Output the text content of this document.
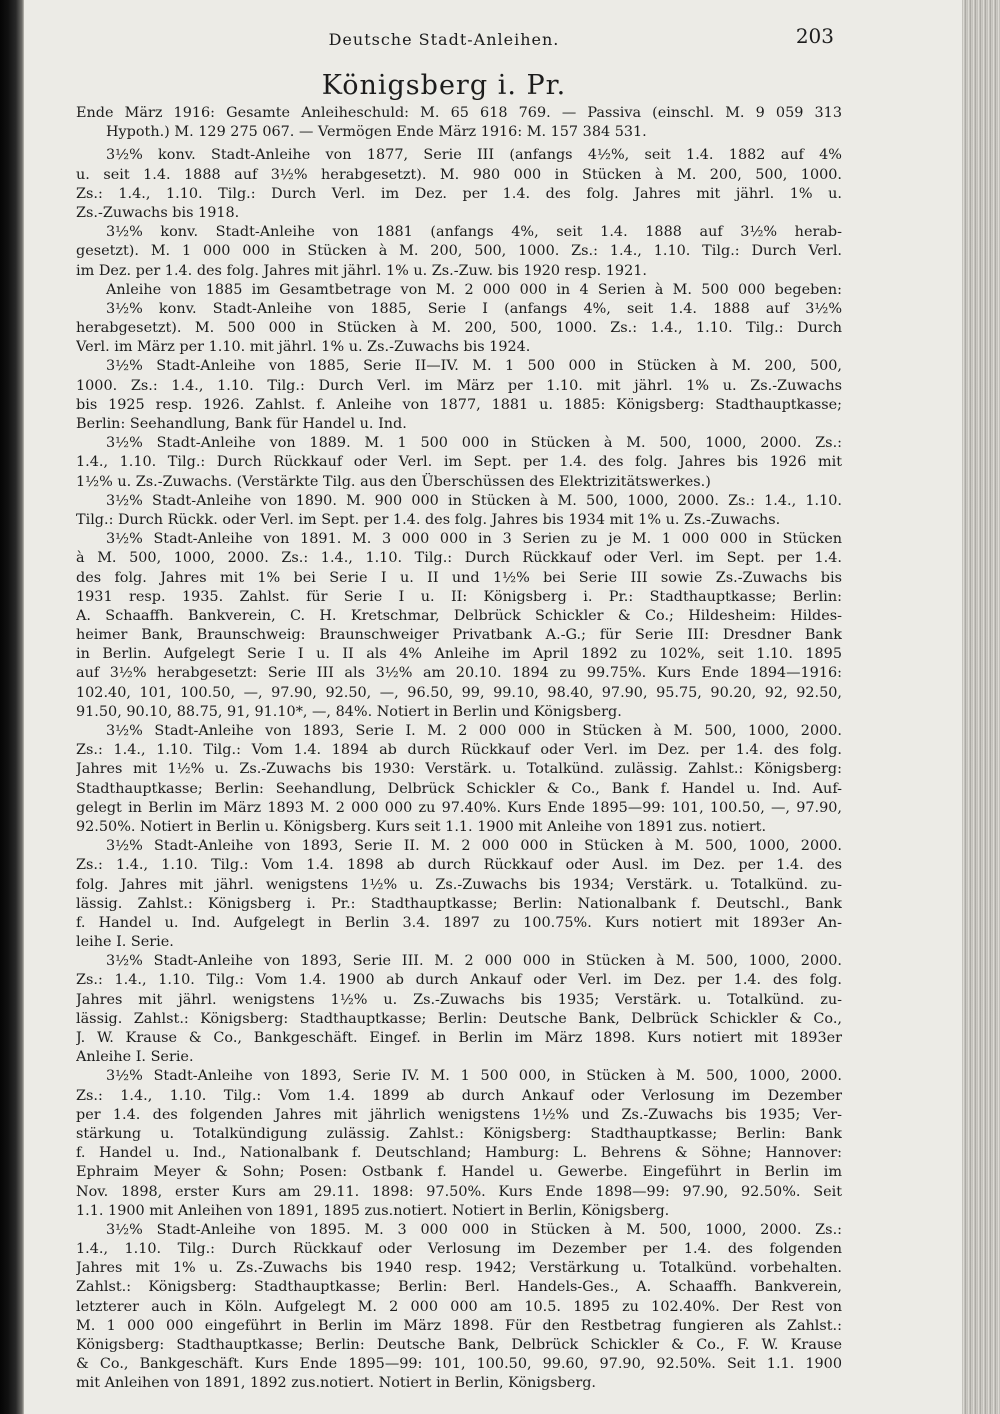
Deutsche Stadt-Anleihen.	203
Königsberg i. Pr.
Ende März 1916: Gesamte Anleiheschuld: M. 65 618 769. — Passiva (einschl. M. 9 059 313
Hypoth.) M. 129 275 067. — Vermögen Ende März 1916: M. 157 384 531.
3½% konv. Stadt-Anleihe von 1877, Serie III (anfangs 4½%, seit 1.4. 1882 auf 4%
u. seit 1.4. 1888 auf 3½% herabgesetzt). M. 980 000 in Stücken à M. 200, 500, 1000.
Zs.: 1.4., 1.10. Tilg.: Durch Verl. im Dez. per 1.4. des folg. Jahres mit jährl. 1% u.
Zs.-Zuwachs bis 1918.
3½% konv. Stadt-Anleihe von 1881 (anfangs 4%, seit 1.4. 1888 auf 3½% herab-
gesetzt). M. 1 000 000 in Stücken à M. 200, 500, 1000. Zs.: 1.4., 1.10. Tilg.: Durch Verl.
im Dez. per 1.4. des folg. Jahres mit jährl. 1% u. Zs.-Zuw. bis 1920 resp. 1921.
Anleihe von 1885 im Gesamtbetrage von M. 2 000 000 in 4 Serien à M. 500 000 begeben:
3½% konv. Stadt-Anleihe von 1885, Serie I (anfangs 4%, seit 1.4. 1888 auf 3½%
herabgesetzt). M. 500 000 in Stücken à M. 200, 500, 1000. Zs.: 1.4., 1.10. Tilg.: Durch
Verl. im März per 1.10. mit jährl. 1% u. Zs.-Zuwachs bis 1924.
3½% Stadt-Anleihe von 1885, Serie II—IV. M. 1 500 000 in Stücken à M. 200, 500,
1000. Zs.: 1.4., 1.10. Tilg.: Durch Verl. im März per 1.10. mit jährl. 1% u. Zs.-Zuwachs
bis 1925 resp. 1926. Zahlst. f. Anleihe von 1877, 1881 u. 1885: Königsberg: Stadthauptkasse;
Berlin: Seehandlung, Bank für Handel u. Ind.
3½% Stadt-Anleihe von 1889. M. 1 500 000 in Stücken à M. 500, 1000, 2000. Zs.:
1.4., 1.10. Tilg.: Durch Rückkauf oder Verl. im Sept. per 1.4. des folg. Jahres bis 1926 mit
1½% u. Zs.-Zuwachs. (Verstärkte Tilg. aus den Überschüssen des Elektrizitätswerkes.)
3½% Stadt-Anleihe von 1890. M. 900 000 in Stücken à M. 500, 1000, 2000. Zs.: 1.4., 1.10.
Tilg.: Durch Rückk. oder Verl. im Sept. per 1.4. des folg. Jahres bis 1934 mit 1% u. Zs.-Zuwachs.
3½% Stadt-Anleihe von 1891. M. 3 000 000 in 3 Serien zu je M. 1 000 000 in Stücken
à M. 500, 1000, 2000. Zs.: 1.4., 1.10. Tilg.: Durch Rückkauf oder Verl. im Sept. per 1.4.
des folg. Jahres mit 1% bei Serie I u. II und 1½% bei Serie III sowie Zs.-Zuwachs bis
1931 resp. 1935. Zahlst. für Serie I u. II: Königsberg i. Pr.: Stadthauptkasse; Berlin:
A. Schaaffh. Bankverein, C. H. Kretschmar, Delbrück Schickler & Co.; Hildesheim: Hildes-
heimer Bank, Braunschweig: Braunschweiger Privatbank A.-G.; für Serie III: Dresdner Bank
in Berlin. Aufgelegt Serie I u. II als 4% Anleihe im April 1892 zu 102%, seit 1.10. 1895
auf 3½% herabgesetzt: Serie III als 3½% am 20.10. 1894 zu 99.75%. Kurs Ende 1894—1916:
102.40, 101, 100.50, —, 97.90, 92.50, —, 96.50, 99, 99.10, 98.40, 97.90, 95.75, 90.20, 92, 92.50,
91.50, 90.10, 88.75, 91, 91.10*, —, 84%. Notiert in Berlin und Königsberg.
3½% Stadt-Anleihe von 1893, Serie I. M. 2 000 000 in Stücken à M. 500, 1000, 2000.
Zs.: 1.4., 1.10. Tilg.: Vom 1.4. 1894 ab durch Rückkauf oder Verl. im Dez. per 1.4. des folg.
Jahres mit 1½% u. Zs.-Zuwachs bis 1930: Verstärk. u. Totalkünd. zulässig. Zahlst.: Königsberg:
Stadthauptkasse; Berlin: Seehandlung, Delbrück Schickler & Co., Bank f. Handel u. Ind. Auf-
gelegt in Berlin im März 1893 M. 2 000 000 zu 97.40%. Kurs Ende 1895—99: 101, 100.50, —, 97.90,
92.50%. Notiert in Berlin u. Königsberg. Kurs seit 1.1. 1900 mit Anleihe von 1891 zus. notiert.
3½% Stadt-Anleihe von 1893, Serie II. M. 2 000 000 in Stücken à M. 500, 1000, 2000.
Zs.: 1.4., 1.10. Tilg.: Vom 1.4. 1898 ab durch Rückkauf oder Ausl. im Dez. per 1.4. des
folg. Jahres mit jährl. wenigstens 1½% u. Zs.-Zuwachs bis 1934; Verstärk. u. Totalkünd. zu-
lässig. Zahlst.: Königsberg i. Pr.: Stadthauptkasse; Berlin: Nationalbank f. Deutschl., Bank
f. Handel u. Ind. Aufgelegt in Berlin 3.4. 1897 zu 100.75%. Kurs notiert mit 1893er An-
leihe I. Serie.
3½% Stadt-Anleihe von 1893, Serie III. M. 2 000 000 in Stücken à M. 500, 1000, 2000.
Zs.: 1.4., 1.10. Tilg.: Vom 1.4. 1900 ab durch Ankauf oder Verl. im Dez. per 1.4. des folg.
Jahres mit jährl. wenigstens 1½% u. Zs.-Zuwachs bis 1935; Verstärk. u. Totalkünd. zu-
lässig. Zahlst.: Königsberg: Stadthauptkasse; Berlin: Deutsche Bank, Delbrück Schickler & Co.,
J. W. Krause & Co., Bankgeschäft. Eingef. in Berlin im März 1898. Kurs notiert mit 1893er
Anleihe I. Serie.
3½% Stadt-Anleihe von 1893, Serie IV. M. 1 500 000, in Stücken à M. 500, 1000, 2000.
Zs.: 1.4., 1.10. Tilg.: Vom 1.4. 1899 ab durch Ankauf oder Verlosung im Dezember
per 1.4. des folgenden Jahres mit jährlich wenigstens 1½% und Zs.-Zuwachs bis 1935; Ver-
stärkung u. Totalkündigung zulässig. Zahlst.: Königsberg: Stadthauptkasse; Berlin: Bank
f. Handel u. Ind., Nationalbank f. Deutschland; Hamburg: L. Behrens & Söhne; Hannover:
Ephraim Meyer & Sohn; Posen: Ostbank f. Handel u. Gewerbe. Eingeführt in Berlin im
Nov. 1898, erster Kurs am 29.11. 1898: 97.50%. Kurs Ende 1898—99: 97.90, 92.50%. Seit
1.1. 1900 mit Anleihen von 1891, 1895 zus.notiert. Notiert in Berlin, Königsberg.
3½% Stadt-Anleihe von 1895. M. 3 000 000 in Stücken à M. 500, 1000, 2000. Zs.:
1.4., 1.10. Tilg.: Durch Rückkauf oder Verlosung im Dezember per 1.4. des folgenden
Jahres mit 1% u. Zs.-Zuwachs bis 1940 resp. 1942; Verstärkung u. Totalkünd. vorbehalten.
Zahlst.: Königsberg: Stadthauptkasse; Berlin: Berl. Handels-Ges., A. Schaaffh. Bankverein,
letzterer auch in Köln. Aufgelegt M. 2 000 000 am 10.5. 1895 zu 102.40%. Der Rest von
M. 1 000 000 eingeführt in Berlin im März 1898. Für den Restbetrag fungieren als Zahlst.:
Königsberg: Stadthauptkasse; Berlin: Deutsche Bank, Delbrück Schickler & Co., F. W. Krause
& Co., Bankgeschäft. Kurs Ende 1895—99: 101, 100.50, 99.60, 97.90, 92.50%. Seit 1.1. 1900
mit Anleihen von 1891, 1892 zus.notiert. Notiert in Berlin, Königsberg.
